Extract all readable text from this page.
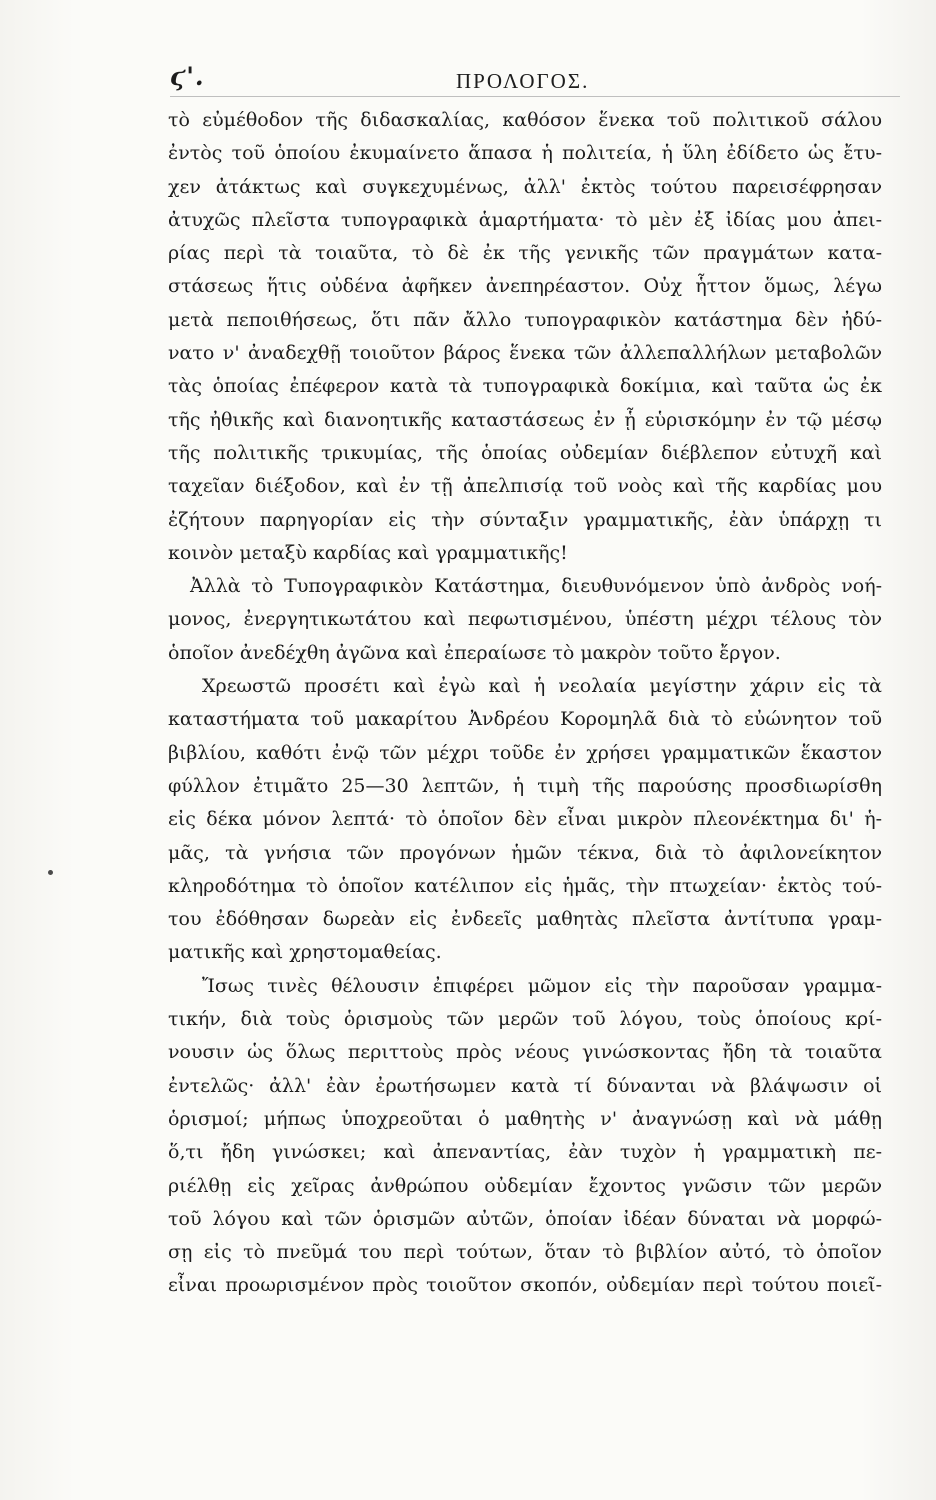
ϛ'.	ΠΡΟΛΟΓΟΣ.
τὸ εὐμέθοδον τῆς διδασκαλίας, καθόσον ἕνεκα τοῦ πολιτικοῦ σάλου
ἐντὸς τοῦ ὁποίου ἐκυμαίνετο ἅπασα ἡ πολιτεία, ἡ ὕλη ἐδίδετο ὡς ἔτυ-
χεν ἀτάκτως καὶ συγκεχυμένως, ἀλλ' ἐκτὸς τούτου παρεισέφρησαν
ἀτυχῶς πλεῖστα τυπογραφικὰ ἁμαρτήματα· τὸ μὲν ἐξ ἰδίας μου ἀπει-
ρίας περὶ τὰ τοιαῦτα, τὸ δὲ ἐκ τῆς γενικῆς τῶν πραγμάτων κατα-
στάσεως ἥτις οὐδένα ἀφῆκεν ἀνεπηρέαστον. Οὐχ ἧττον ὅμως, λέγω
μετὰ πεποιθήσεως, ὅτι πᾶν ἄλλο τυπογραφικὸν κατάστημα δὲν ἠδύ-
νατο ν' ἀναδεχθῇ τοιοῦτον βάρος ἕνεκα τῶν ἀλλεπαλλήλων μεταβολῶν
τὰς ὁποίας ἐπέφερον κατὰ τὰ τυπογραφικὰ δοκίμια, καὶ ταῦτα ὡς ἐκ
τῆς ἠθικῆς καὶ διανοητικῆς καταστάσεως ἐν ᾗ εὑρισκόμην ἐν τῷ μέσῳ
τῆς πολιτικῆς τρικυμίας, τῆς ὁποίας οὐδεμίαν διέβλεπον εὐτυχῆ καὶ
ταχεῖαν διέξοδον, καὶ ἐν τῇ ἀπελπισίᾳ τοῦ νοὸς καὶ τῆς καρδίας μου
ἐζήτουν παρηγορίαν εἰς τὴν σύνταξιν γραμματικῆς, ἐὰν ὑπάρχῃ τι
κοινὸν μεταξὺ καρδίας καὶ γραμματικῆς!
Ἀλλὰ τὸ Τυπογραφικὸν Κατάστημα, διευθυνόμενον ὑπὸ ἀνδρὸς νοή-
μονος, ἐνεργητικωτάτου καὶ πεφωτισμένου, ὑπέστη μέχρι τέλους τὸν
ὁποῖον ἀνεδέχθη ἀγῶνα καὶ ἐπεραίωσε τὸ μακρὸν τοῦτο ἔργον.
Χρεωστῶ προσέτι καὶ ἐγὼ καὶ ἡ νεολαία μεγίστην χάριν εἰς τὰ
καταστήματα τοῦ μακαρίτου Ἀνδρέου Κορομηλᾶ διὰ τὸ εὐώνητον τοῦ
βιβλίου, καθότι ἐνῷ τῶν μέχρι τοῦδε ἐν χρήσει γραμματικῶν ἕκαστον
φύλλον ἐτιμᾶτο 25—30 λεπτῶν, ἡ τιμὴ τῆς παρούσης προσδιωρίσθη
εἰς δέκα μόνον λεπτά· τὸ ὁποῖον δὲν εἶναι μικρὸν πλεονέκτημα δι' ἡ-
μᾶς, τὰ γνήσια τῶν προγόνων ἡμῶν τέκνα, διὰ τὸ ἀφιλονείκητον
κληροδότημα τὸ ὁποῖον κατέλιπον εἰς ἡμᾶς, τὴν πτωχείαν· ἐκτὸς τού-
του ἐδόθησαν δωρεὰν εἰς ἐνδεεῖς μαθητὰς πλεῖστα ἀντίτυπα γραμ-
ματικῆς καὶ χρηστομαθείας.
Ἴσως τινὲς θέλουσιν ἐπιφέρει μῶμον εἰς τὴν παροῦσαν γραμμα-
τικήν, διὰ τοὺς ὁρισμοὺς τῶν μερῶν τοῦ λόγου, τοὺς ὁποίους κρί-
νουσιν ὡς ὅλως περιττοὺς πρὸς νέους γινώσκοντας ἤδη τὰ τοιαῦτα
ἐντελῶς· ἀλλ' ἐὰν ἐρωτήσωμεν κατὰ τί δύνανται νὰ βλάψωσιν οἱ
ὁρισμοί; μήπως ὑποχρεοῦται ὁ μαθητὴς ν' ἀναγνώσῃ καὶ νὰ μάθῃ
ὅ,τι ἤδη γινώσκει; καὶ ἀπεναντίας, ἐὰν τυχὸν ἡ γραμματικὴ πε-
ριέλθῃ εἰς χεῖρας ἀνθρώπου οὐδεμίαν ἔχοντος γνῶσιν τῶν μερῶν
τοῦ λόγου καὶ τῶν ὁρισμῶν αὐτῶν, ὁποίαν ἰδέαν δύναται νὰ μορφώ-
σῃ εἰς τὸ πνεῦμά του περὶ τούτων, ὅταν τὸ βιβλίον αὐτό, τὸ ὁποῖον
εἶναι προωρισμένον πρὸς τοιοῦτον σκοπόν, οὐδεμίαν περὶ τούτου ποιεῖ-
